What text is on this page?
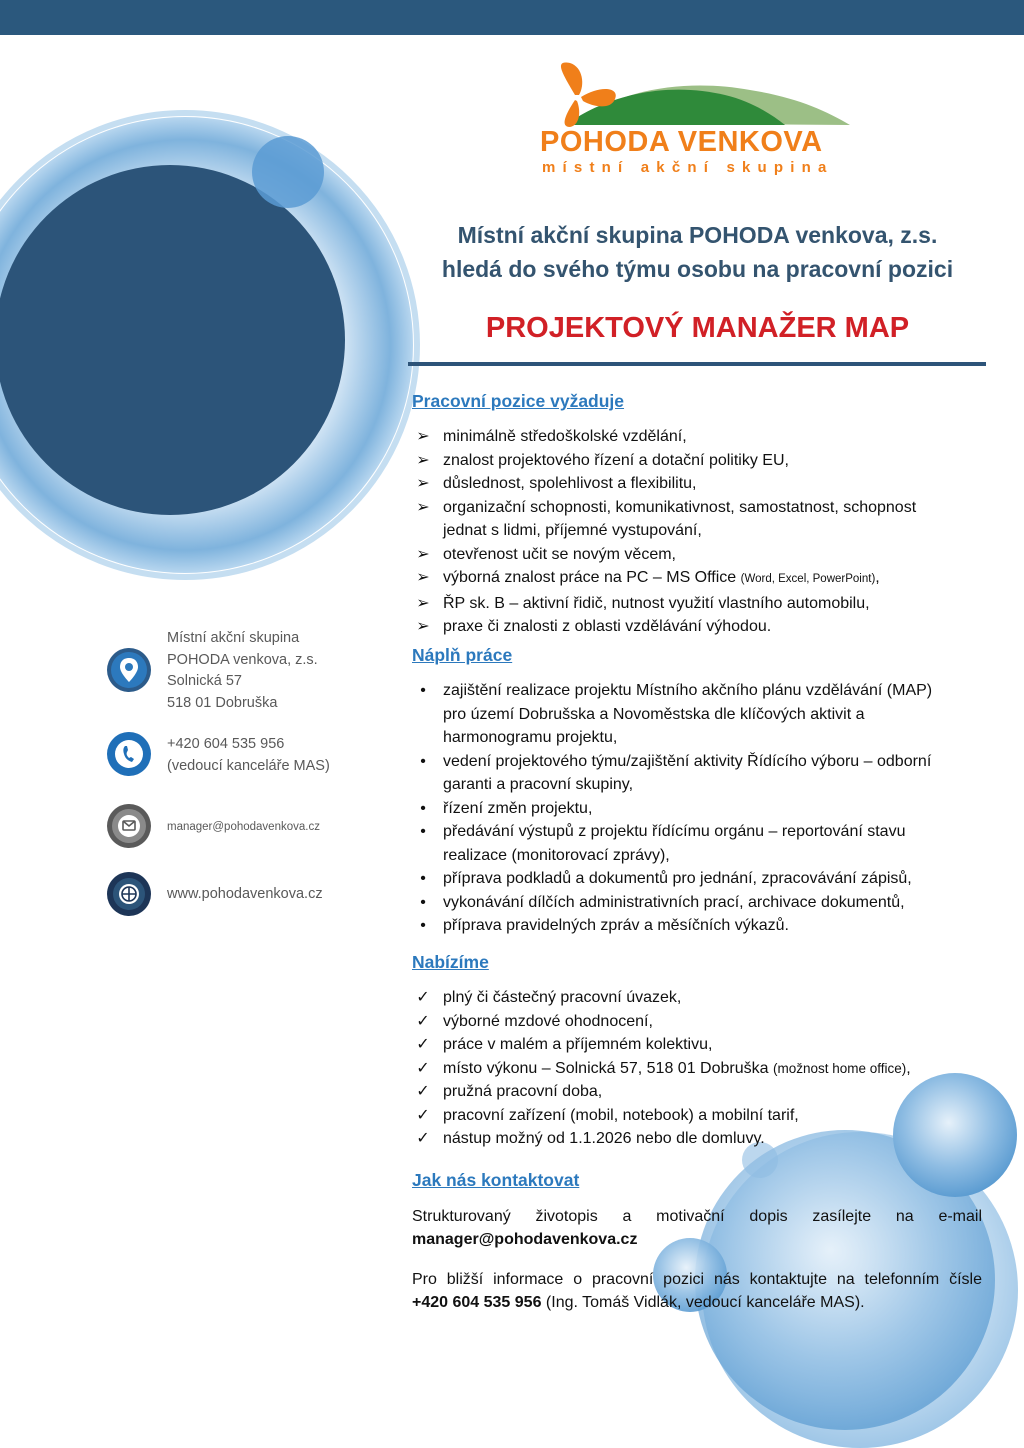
POHODA VENKOVA
místní akční skupina
Místní akční skupina POHODA venkova, z.s.
hledá do svého týmu osobu na pracovní pozici
PROJEKTOVÝ MANAŽER MAP
Pracovní pozice vyžaduje
➢ minimálně středoškolské vzdělání,
➢ znalost projektového řízení a dotační politiky EU,
➢ důslednost, spolehlivost a flexibilitu,
➢ organizační schopnosti, komunikativnost, samostatnost, schopnost
jednat s lidmi, příjemné vystupování,
➢ otevřenost učit se novým věcem,
➢ výborná znalost práce na PC – MS Office (Word, Excel, PowerPoint),
➢ ŘP sk. B – aktivní řidič, nutnost využití vlastního automobilu,
➢ praxe či znalosti z oblasti vzdělávání výhodou.
Náplň práce
•	zajištění realizace projektu Místního akčního plánu vzdělávání (MAP)
pro území Dobrušska a Novoměstska dle klíčových aktivit a
harmonogramu projektu,
•	vedení projektového týmu/zajištění aktivity Řídícího výboru – odborní
garanti a pracovní skupiny,
•	řízení změn projektu,
•	předávání výstupů z projektu řídícímu orgánu – reportování stavu
realizace (monitorovací zprávy),
•	příprava podkladů a dokumentů pro jednání, zpracovávání zápisů,
•	vykonávání dílčích administrativních prací, archivace dokumentů,
•	příprava pravidelných zpráv a měsíčních výkazů.
Nabízíme
✓ plný či částečný pracovní úvazek,
✓ výborné mzdové ohodnocení,
✓ práce v malém a příjemném kolektivu,
✓ místo výkonu – Solnická 57, 518 01 Dobruška (možnost home office),
✓ pružná pracovní doba,
✓ pracovní zařízení (mobil, notebook) a mobilní tarif,
✓ nástup možný od 1.1.2026 nebo dle domluvy.
Jak nás kontaktovat
Strukturovaný životopis a motivační dopis zasílejte na e-mail
manager@pohodavenkova.cz
Pro bližší informace o pracovní pozici nás kontaktujte na telefonním čísle
+420 604 535 956 (Ing. Tomáš Vidlák, vedoucí kanceláře MAS).
Místní akční skupina
POHODA venkova, z.s.
Solnická 57
518 01 Dobruška
+420 604 535 956
(vedoucí kanceláře MAS)
manager@pohodavenkova.cz
www.pohodavenkova.cz
